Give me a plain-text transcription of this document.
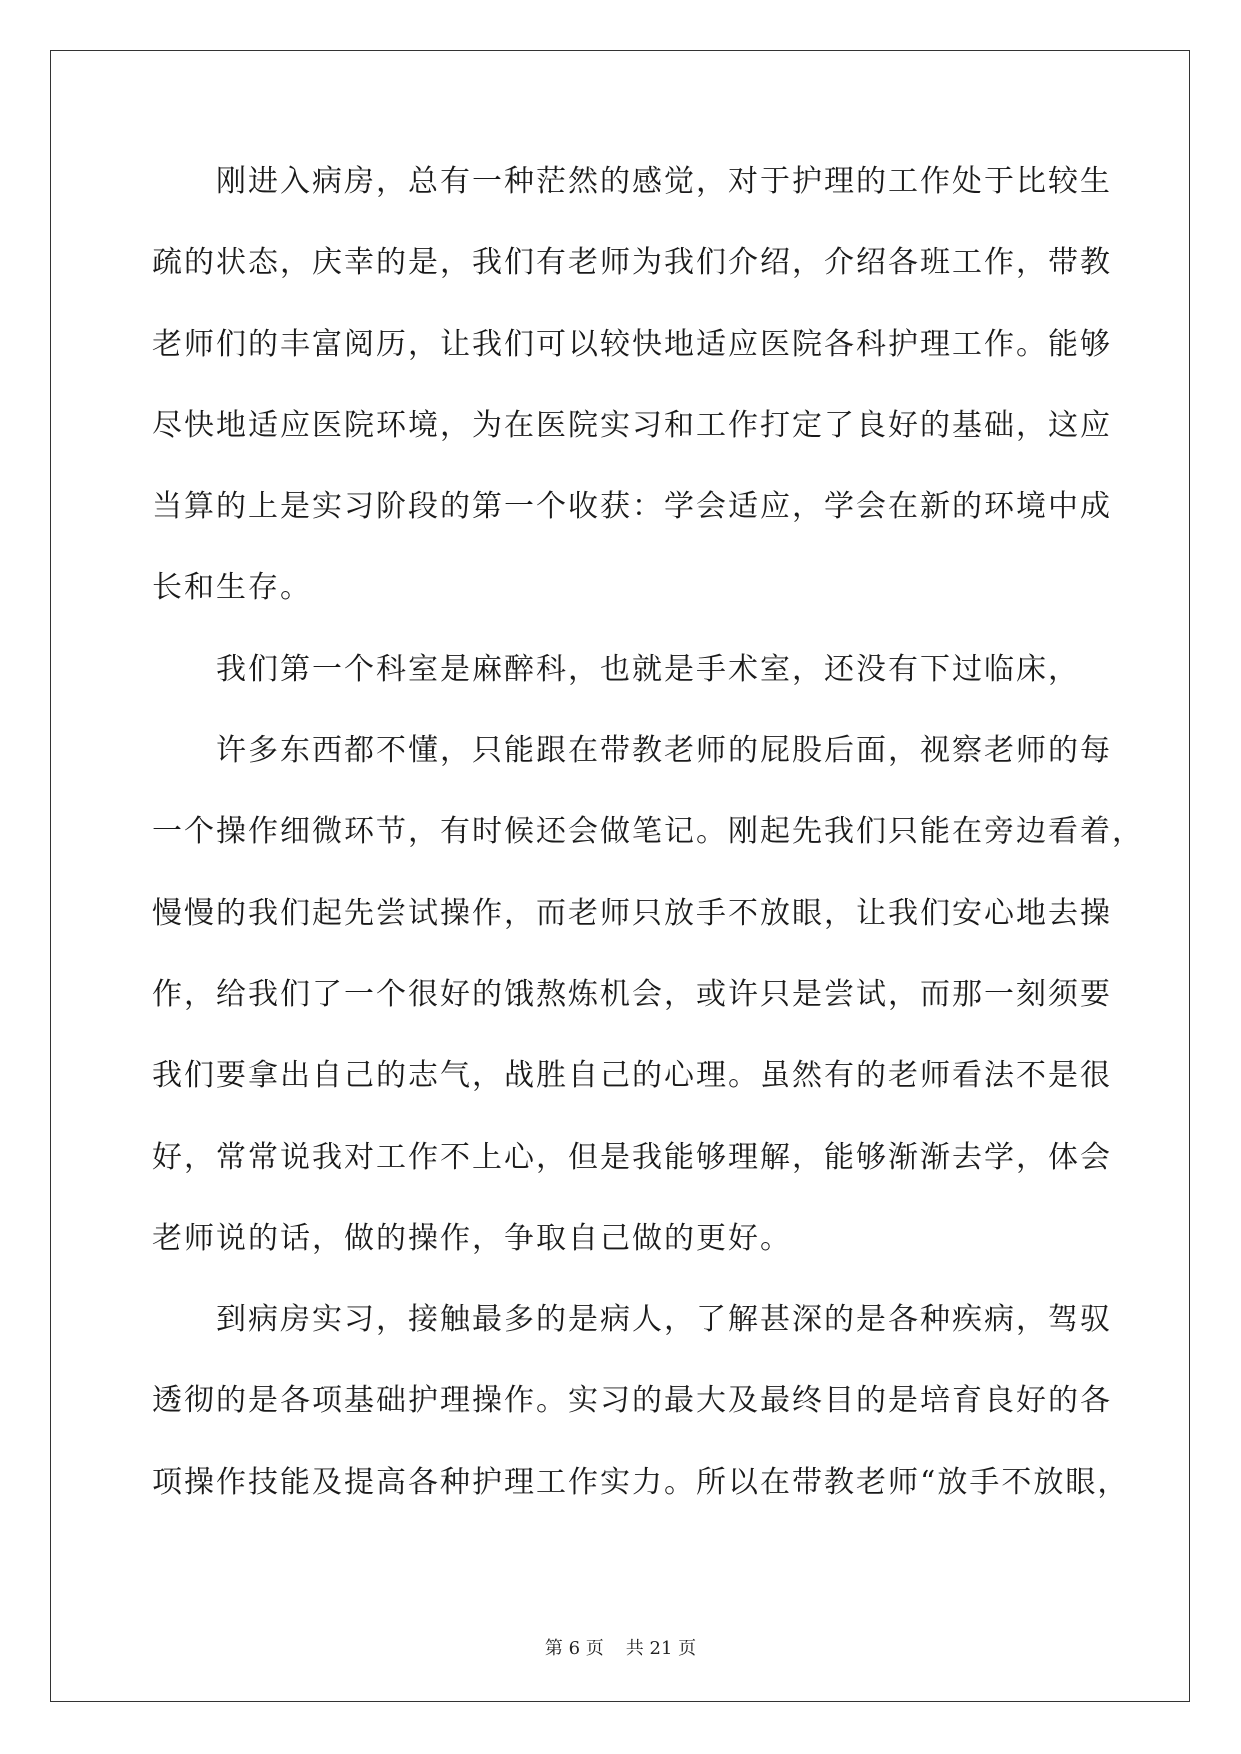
刚进入病房，总有一种茫然的感觉，对于护理的工作处于比较生
疏的状态，庆幸的是，我们有老师为我们介绍，介绍各班工作，带教
老师们的丰富阅历，让我们可以较快地适应医院各科护理工作。能够
尽快地适应医院环境，为在医院实习和工作打定了良好的基础，这应
当算的上是实习阶段的第一个收获：学会适应，学会在新的环境中成
长和生存。
我们第一个科室是麻醉科，也就是手术室，还没有下过临床，
许多东西都不懂，只能跟在带教老师的屁股后面，视察老师的每
一个操作细微环节，有时候还会做笔记。刚起先我们只能在旁边看着，
慢慢的我们起先尝试操作，而老师只放手不放眼，让我们安心地去操
作，给我们了一个很好的饿熬炼机会，或许只是尝试，而那一刻须要
我们要拿出自己的志气，战胜自己的心理。虽然有的老师看法不是很
好，常常说我对工作不上心，但是我能够理解，能够渐渐去学，体会
老师说的话，做的操作，争取自己做的更好。
到病房实习，接触最多的是病人，了解甚深的是各种疾病，驾驭
透彻的是各项基础护理操作。实习的最大及最终目的是培育良好的各
项操作技能及提高各种护理工作实力。所以在带教老师“放手不放眼，
第 6 页 共 21 页
